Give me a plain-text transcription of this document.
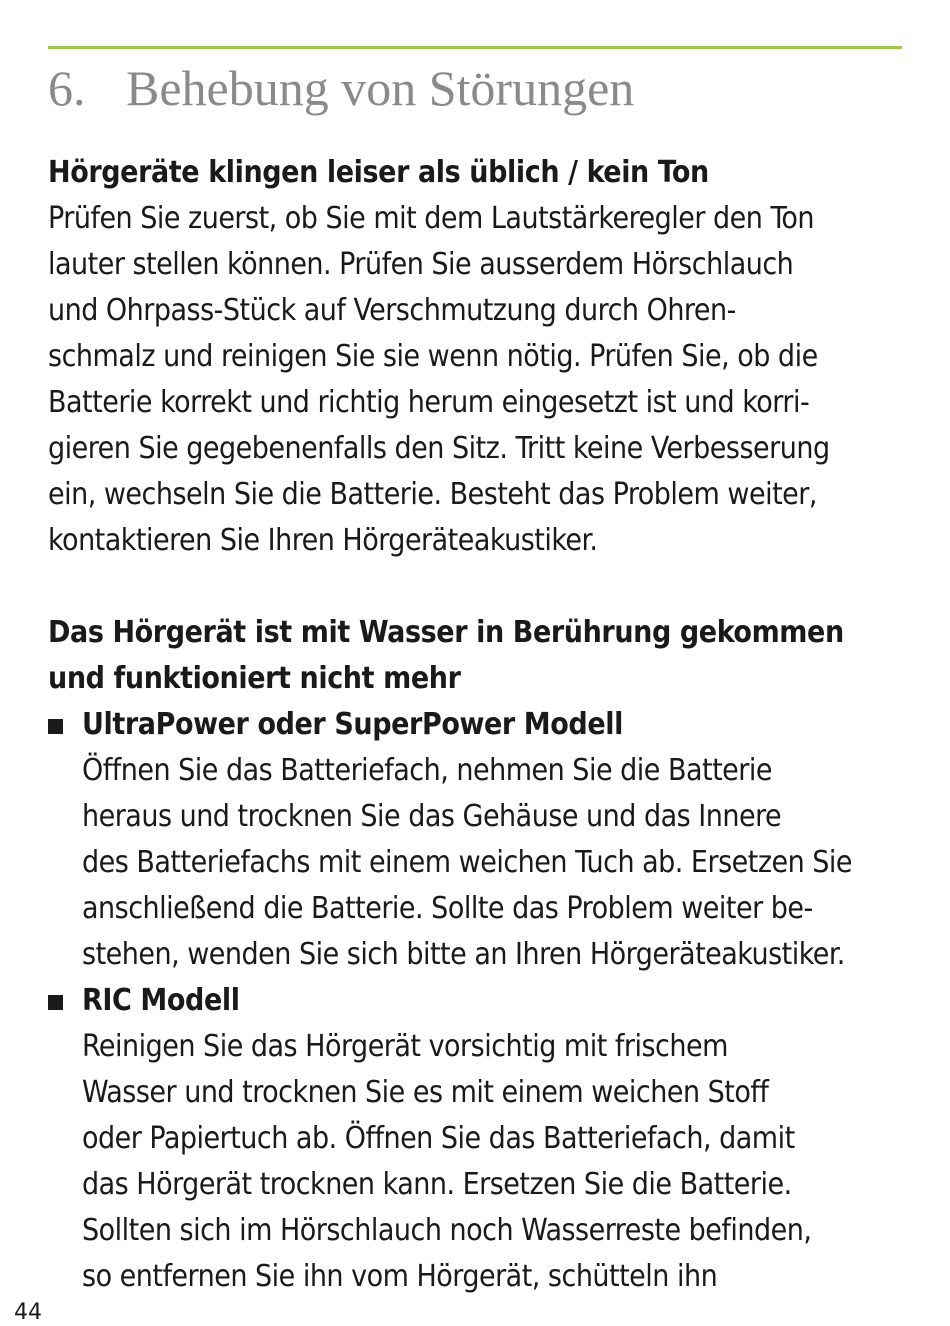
6. Behebung von Störungen
Hörgeräte klingen leiser als üblich / kein Ton
Prüfen Sie zuerst, ob Sie mit dem Lautstärkeregler den Ton
lauter stellen können. Prüfen Sie ausserdem Hörschlauch
und Ohrpass-Stück auf Verschmutzung durch Ohren-
schmalz und reinigen Sie sie wenn nötig. Prüfen Sie, ob die
Batterie korrekt und richtig herum eingesetzt ist und korri-
gieren Sie gegebenenfalls den Sitz. Tritt keine Verbesserung
ein, wechseln Sie die Batterie. Besteht das Problem weiter,
kontaktieren Sie Ihren Hörgeräteakustiker.
Das Hörgerät ist mit Wasser in Berührung gekommen
und funktioniert nicht mehr
UltraPower oder SuperPower Modell
Öffnen Sie das Batteriefach, nehmen Sie die Batterie
heraus und trocknen Sie das Gehäuse und das Innere
des Batteriefachs mit einem weichen Tuch ab. Ersetzen Sie
anschließend die Batterie. Sollte das Problem weiter be-
stehen, wenden Sie sich bitte an Ihren Hörgeräteakustiker.
RIC Modell
Reinigen Sie das Hörgerät vorsichtig mit frischem
Wasser und trocknen Sie es mit einem weichen Stoff
oder Papiertuch ab. Öffnen Sie das Batteriefach, damit
das Hörgerät trocknen kann. Ersetzen Sie die Batterie.
Sollten sich im Hörschlauch noch Wasserreste befinden,
so entfernen Sie ihn vom Hörgerät, schütteln ihn
44
